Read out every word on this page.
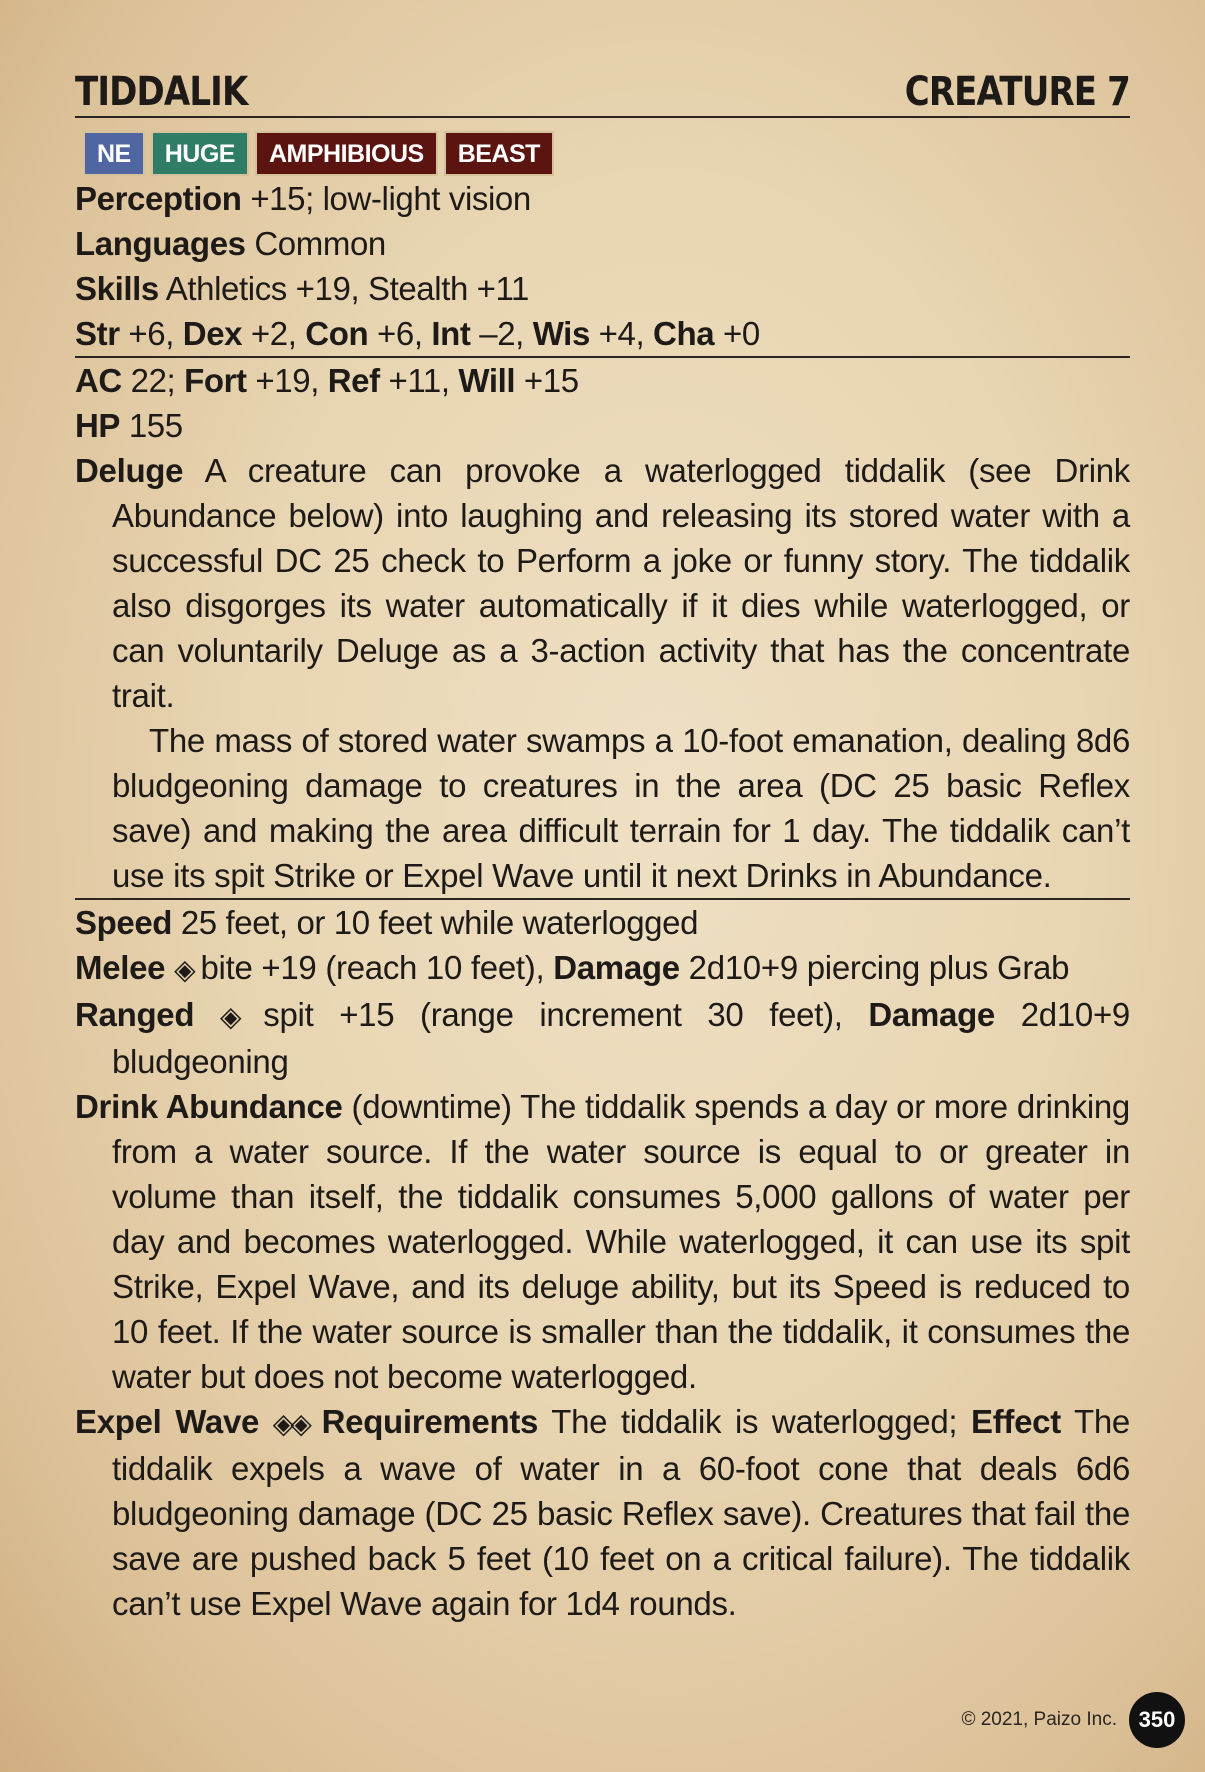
TIDDALIK	CREATURE 7
NE	HUGE	AMPHIBIOUS	BEAST
Perception +15; low-light vision
Languages Common
Skills Athletics +19, Stealth +11
Str +6, Dex +2, Con +6, Int –2, Wis +4, Cha +0
AC 22; Fort +19, Ref +11, Will +15
HP 155
Deluge A creature can provoke a waterlogged tiddalik (see Drink Abundance below) into laughing and releasing its stored water with a successful DC 25 check to Perform a joke or funny story. The tiddalik also disgorges its water automatically if it dies while waterlogged, or can voluntarily Deluge as a 3-action activity that has the concentrate trait.
The mass of stored water swamps a 10-foot emanation, dealing 8d6 bludgeoning damage to creatures in the area (DC 25 basic Reflex save) and making the area difficult terrain for 1 day. The tiddalik can’t use its spit Strike or Expel Wave until it next Drinks in Abundance.
Speed 25 feet, or 10 feet while waterlogged
Melee ◈ bite +19 (reach 10 feet), Damage 2d10+9 piercing plus Grab
Ranged ◈ spit +15 (range increment 30 feet), Damage 2d10+9 bludgeoning
Drink Abundance (downtime) The tiddalik spends a day or more drinking from a water source. If the water source is equal to or greater in volume than itself, the tiddalik consumes 5,000 gallons of water per day and becomes waterlogged. While waterlogged, it can use its spit Strike, Expel Wave, and its deluge ability, but its Speed is reduced to 10 feet. If the water source is smaller than the tiddalik, it consumes the water but does not become waterlogged.
Expel Wave ◈◈ Requirements The tiddalik is waterlogged; Effect The tiddalik expels a wave of water in a 60-foot cone that deals 6d6 bludgeoning damage (DC 25 basic Reflex save). Creatures that fail the save are pushed back 5 feet (10 feet on a critical failure). The tiddalik can’t use Expel Wave again for 1d4 rounds.
© 2021, Paizo Inc. 350
